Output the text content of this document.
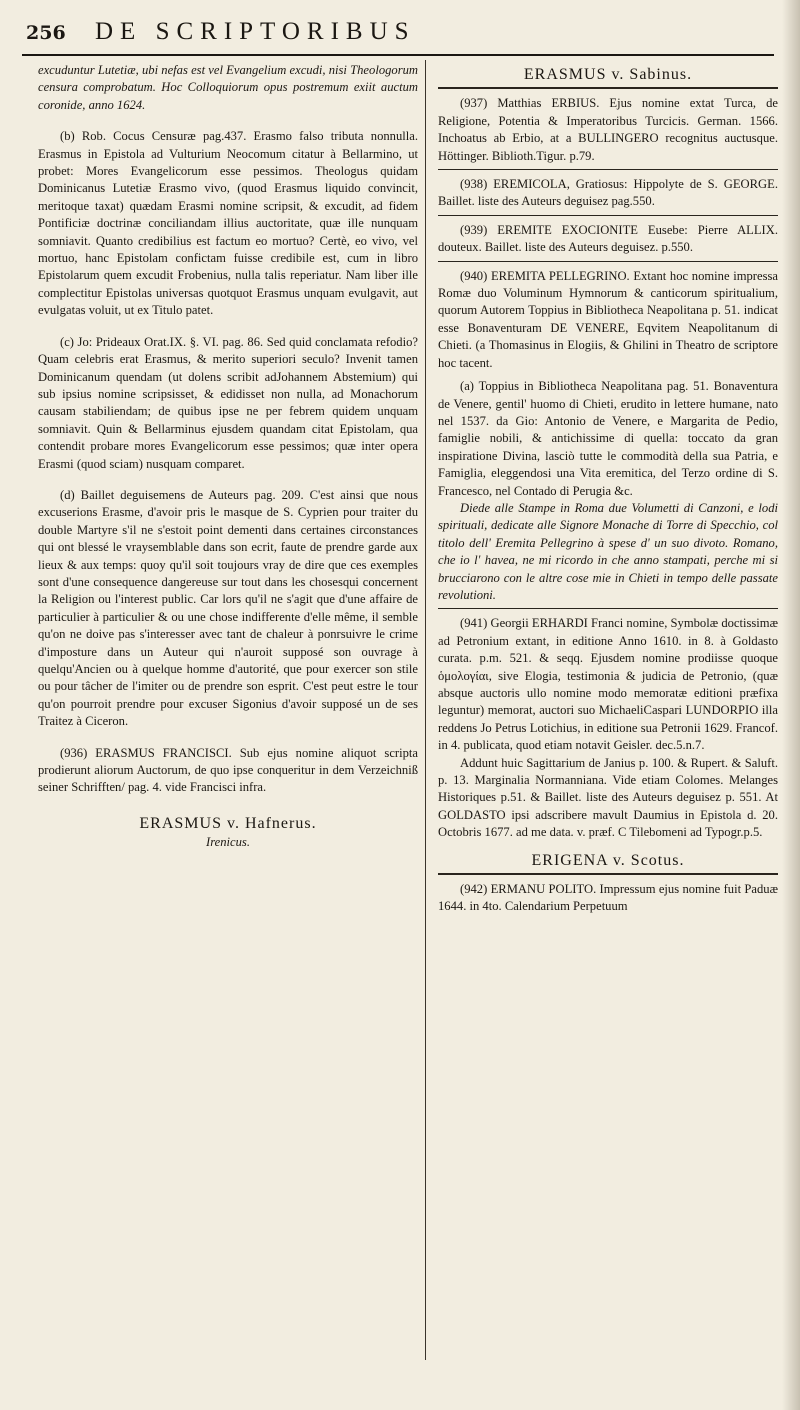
256 DE SCRIPTORIBUS

excuduntur Lutetiæ, ubi nefas est vel Evangelium excudi, nisi Theologorum censura comprobatum. Hoc Colloquiorum opus postremum exiit auctum coronide, anno 1624.

(b) Rob. Cocus Censuræ pag.437. Erasmo falso tributa nonnulla. Erasmus in Epistola ad Vulturium Neocomum citatur à Bellarmino, ut probet: Mores Evangelicorum esse pessimos. Theologus quidam Dominicanus Lutetiæ Erasmo vivo, (quod Erasmus liquido convincit, meritoque taxat) quædam Erasmi nomine scripsit, & excudit, ad fidem Pontificiæ doctrinæ conciliandam illius auctoritate, quæ ille nunquam somniavit. Quanto credibilius est factum eo mortuo? Certè, eo vivo, vel mortuo, hanc Epistolam confictam fuisse credibile est, cum in libro Epistolarum quem excudit Frobenius, nulla talis reperiatur. Nam liber ille complectitur Epistolas universas quotquot Erasmus unquam evulgavit, aut evulgatas voluit, ut ex Titulo patet.

(c) Jo: Prideaux Orat.IX. §. VI. pag. 86. Sed quid conclamata refodio? Quam celebris erat Erasmus, & merito superiori seculo? Invenit tamen Dominicanum quendam (ut dolens scribit adJohannem Abstemium) qui sub ipsius nomine scripsisset, & edidisset non nulla, ad Monachorum causam stabiliendam; de quibus ipse ne per febrem quidem unquam somniavit. Quin & Bellarminus ejusdem quandam citat Epistolam, qua contendit probare mores Evangelicorum esse pessimos; quæ inter opera Erasmi (quod sciam) nusquam comparet.

(d) Baillet deguisemens de Auteurs pag. 209. C'est ainsi que nous excuserions Erasme, d'avoir pris le masque de S. Cyprien pour traiter du double Martyre s'il ne s'estoit point dementi dans certaines circonstances qui ont blessé le vraysemblable dans son ecrit, faute de prendre garde aux lieux & aux temps: quoy qu'il soit toujours vray de dire que ces exemples sont d'une consequence dangereuse sur tout dans les chosesqui concernent la Religion ou l'interest public. Car lors qu'il ne s'agit que d'une affaire de particulier à particulier & ou une chose indifferente d'elle même, il semble qu'on ne doive pas s'interesser avec tant de chaleur à ponrsuivre le crime d'imposture dans un Auteur qui n'auroit supposé son ouvrage à quelqu'Ancien ou à quelque homme d'autorité, que pour exercer son stile ou pour tâcher de l'imiter ou de prendre son esprit. C'est peut estre le tour qu'on pourroit prendre pour excuser Sigonius d'avoir supposé un de ses Traitez à Ciceron.

(936) ERASMUS FRANCISCI. Sub ejus nomine aliquot scripta prodierunt aliorum Auctorum, de quo ipse conqueritur in dem Verzeichniß seiner Schrifften/ pag. 4. vide Francisci infra.

ERASMUS v. Hafnerus.
Irenicus.
ERASMUS v. Sabinus.

(937) Matthias ERBIUS. Ejus nomine extat Turca, de Religione, Potentia & Imperatoribus Turcicis. German. 1566. Inchoatus ab Erbio, at a BULLINGERO recognitus auctusque. Höttinger. Biblioth.Tigur. p.79.

(938) EREMICOLA, Gratiosus: Hippolyte de S. GEORGE. Baillet. liste des Auteurs deguisez pag.550.

(939) EREMITE EXOCIONITE Eusebe: Pierre ALLIX. douteux. Baillet. liste des Auteurs deguisez. p.550.

(940) EREMITA PELLEGRINO. Extant hoc nomine impressa Romæ duo Voluminum Hymnorum & canticorum spiritualium, quorum Autorem Toppius in Bibliotheca Neapolitana p. 51. indicat esse Bonaventuram DE VENERE, Eqvitem Neapolitanum di Chieti. (a Thomasinus in Elogiis, & Ghilini in Theatro de scriptore hoc tacent.

(a) Toppius in Bibliotheca Neapolitana pag. 51. Bonaventura de Venere, gentil' huomo di Chieti, erudito in lettere humane, nato nel 1537. da Gio: Antonio de Venere, e Margarita de Pedio, famiglie nobili, & antichissime di quella: toccato da gran inspiratione Divina, lasciò tutte le commodità della sua Patria, e Famiglia, eleggendosi una Vita eremitica, del Terzo ordine di S. Francesco, nel Contado di Perugia &c.

Diede alle Stampe in Roma due Volumetti di Canzoni, e lodi spirituali, dedicate alle Signore Monache di Torre di Specchio, col titolo dell' Eremita Pellegrino à spese d' un suo divoto. Romano, che io l' havea, ne mi ricordo in che anno stampati, perche mi si brucciarono con le altre cose mie in Chieti in tempo delle passate revolutioni.

(941) Georgii ERHARDI Franci nomine, Symbolæ doctissimæ ad Petronium extant, in editione Anno 1610. in 8. à Goldasto curata. p.m. 521. & seqq. Ejusdem nomine prodiisse quoque ὁμολογίαι, sive Elogia, testimonia & judicia de Petronio, (quæ absque auctoris ullo nomine modo memoratæ editioni præfixa leguntur) memorat, auctori suo MichaeliCaspari LUNDORPIO illa reddens Jo Petrus Lotichius, in editione sua Petronii 1629. Francof. in 4. publicata, quod etiam notavit Geisler. dec.5.n.7.

Addunt huic Sagittarium de Janius p. 100. & Rupert. & Saluft. p. 13. Marginalia Normanniana. Vide etiam Colomes. Melanges Historiques p.51. & Baillet. liste des Auteurs deguisez p. 551. At GOLDASTO ipsi adscribere mavult Daumius in Epistola d. 20. Octobris 1677. ad me data. v. præf. C Tilebomeni ad Typogr.p.5.

ERIGENA v. Scotus.

(942) ERMANU POLITO. Impressum ejus nomine fuit Paduæ 1644. in 4to. Calendarium Perpetuum
